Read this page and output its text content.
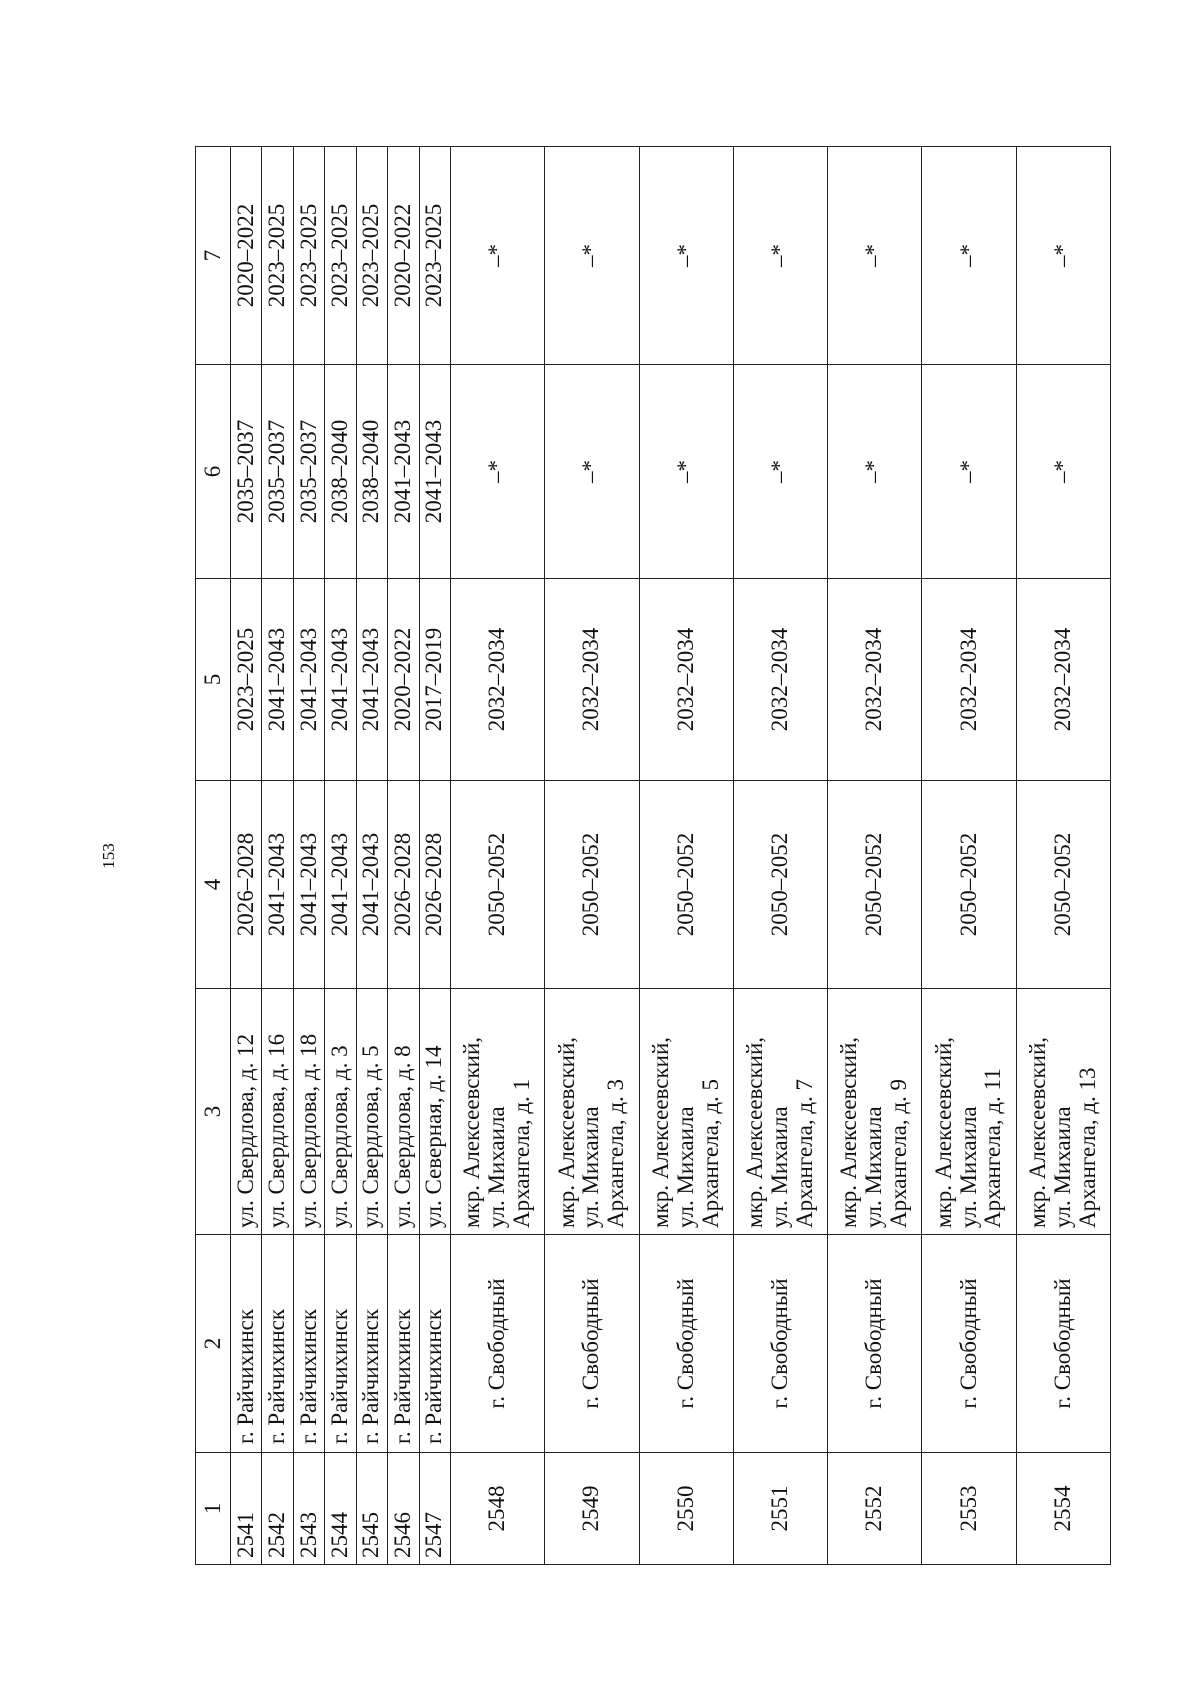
153
1	2	3	4	5	6	7
2541	г. Райчихинск	ул. Свердлова, д. 12	2026–2028	2023–2025	2035–2037	2020–2022
2542	г. Райчихинск	ул. Свердлова, д. 16	2041–2043	2041–2043	2035–2037	2023–2025
2543	г. Райчихинск	ул. Свердлова, д. 18	2041–2043	2041–2043	2035–2037	2023–2025
2544	г. Райчихинск	ул. Свердлова, д. 3	2041–2043	2041–2043	2038–2040	2023–2025
2545	г. Райчихинск	ул. Свердлова, д. 5	2041–2043	2041–2043	2038–2040	2023–2025
2546	г. Райчихинск	ул. Свердлова, д. 8	2026–2028	2020–2022	2041–2043	2020–2022
2547	г. Райчихинск	ул. Северная, д. 14	2026–2028	2017–2019	2041–2043	2023–2025
2548	г. Свободный	мкр. Алексеевский, ул. Михаила Архангела, д. 1	2050–2052	2032–2034	–*	–*
2549	г. Свободный	мкр. Алексеевский, ул. Михаила Архангела, д. 3	2050–2052	2032–2034	–*	–*
2550	г. Свободный	мкр. Алексеевский, ул. Михаила Архангела, д. 5	2050–2052	2032–2034	–*	–*
2551	г. Свободный	мкр. Алексеевский, ул. Михаила Архангела, д. 7	2050–2052	2032–2034	–*	–*
2552	г. Свободный	мкр. Алексеевский, ул. Михаила Архангела, д. 9	2050–2052	2032–2034	–*	–*
2553	г. Свободный	мкр. Алексеевский, ул. Михаила Архангела, д. 11	2050–2052	2032–2034	–*	–*
2554	г. Свободный	мкр. Алексеевский, ул. Михаила Архангела, д. 13	2050–2052	2032–2034	–*	–*
